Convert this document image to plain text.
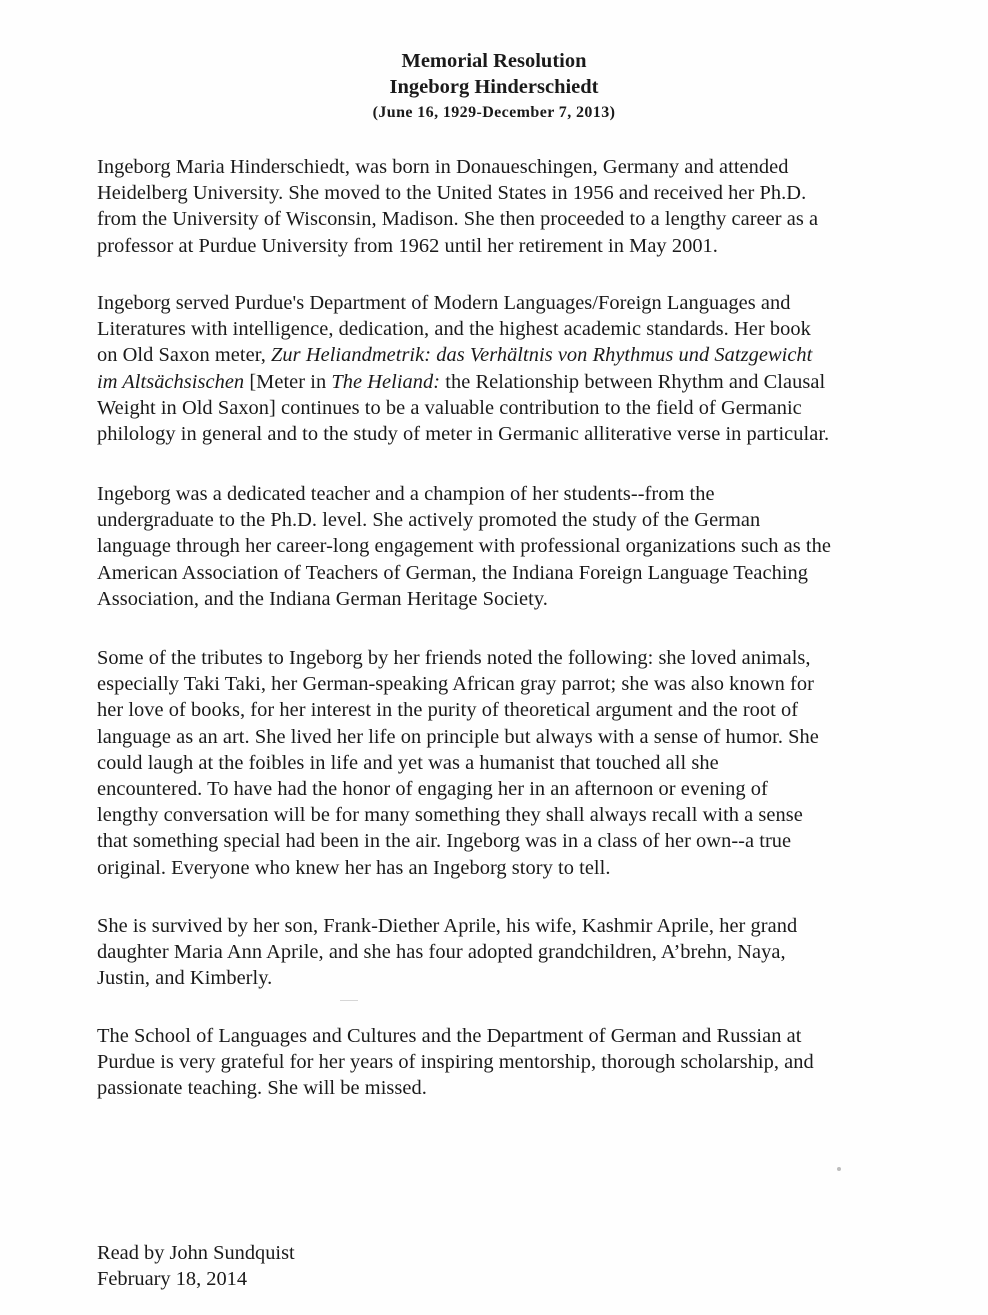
Memorial Resolution
Ingeborg Hinderschiedt
(June 16, 1929-December 7, 2013)
Ingeborg Maria Hinderschiedt, was born in Donaueschingen, Germany and attended
Heidelberg University. She moved to the United States in 1956 and received her Ph.D.
from the University of Wisconsin, Madison. She then proceeded to a lengthy career as a
professor at Purdue University from 1962 until her retirement in May 2001.
Ingeborg served Purdue's Department of Modern Languages/Foreign Languages and
Literatures with intelligence, dedication, and the highest academic standards. Her book
on Old Saxon meter, Zur Heliandmetrik: das Verhältnis von Rhythmus und Satzgewicht
im Altsächsischen [Meter in The Heliand: the Relationship between Rhythm and Clausal
Weight in Old Saxon] continues to be a valuable contribution to the field of Germanic
philology in general and to the study of meter in Germanic alliterative verse in particular.
Ingeborg was a dedicated teacher and a champion of her students--from the
undergraduate to the Ph.D. level. She actively promoted the study of the German
language through her career-long engagement with professional organizations such as the
American Association of Teachers of German, the Indiana Foreign Language Teaching
Association, and the Indiana German Heritage Society.
Some of the tributes to Ingeborg by her friends noted the following: she loved animals,
especially Taki Taki, her German-speaking African gray parrot; she was also known for
her love of books, for her interest in the purity of theoretical argument and the root of
language as an art. She lived her life on principle but always with a sense of humor. She
could laugh at the foibles in life and yet was a humanist that touched all she
encountered. To have had the honor of engaging her in an afternoon or evening of
lengthy conversation will be for many something they shall always recall with a sense
that something special had been in the air. Ingeborg was in a class of her own--a true
original. Everyone who knew her has an Ingeborg story to tell.
She is survived by her son, Frank-Diether Aprile, his wife, Kashmir Aprile, her grand
daughter Maria Ann Aprile, and she has four adopted grandchildren, A’brehn, Naya,
Justin, and Kimberly.
The School of Languages and Cultures and the Department of German and Russian at
Purdue is very grateful for her years of inspiring mentorship, thorough scholarship, and
passionate teaching. She will be missed.
Read by John Sundquist
February 18, 2014
